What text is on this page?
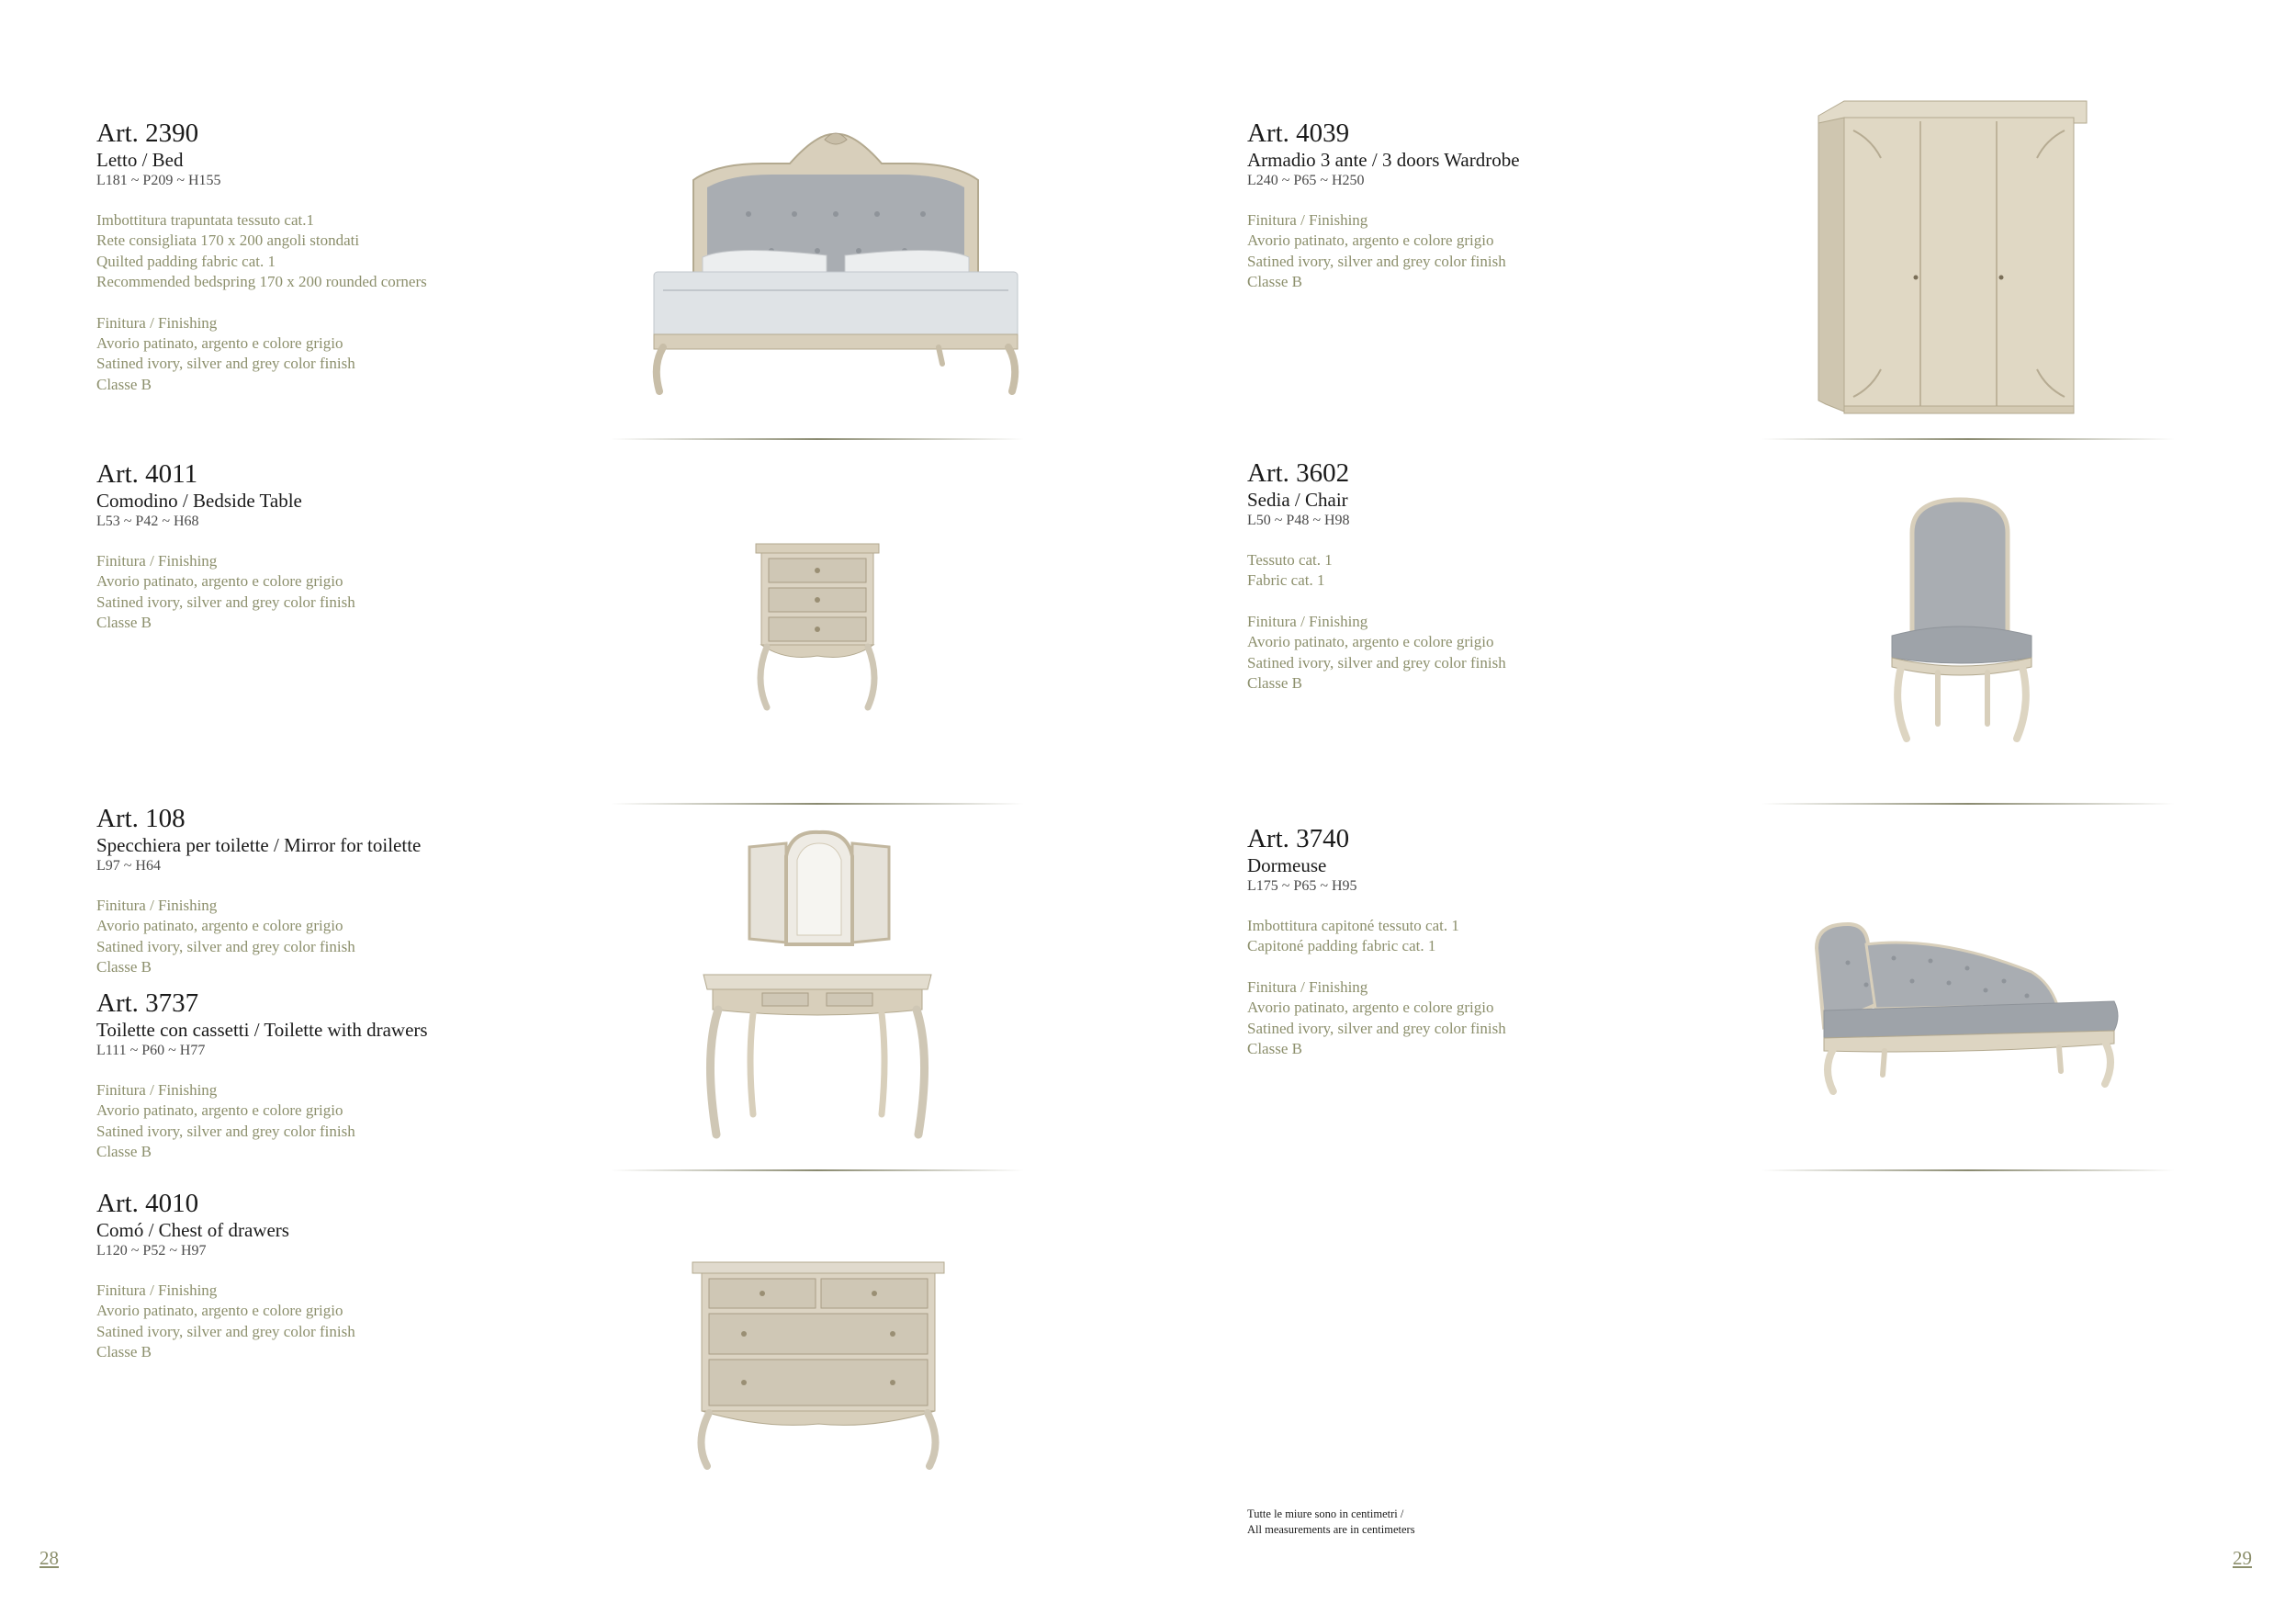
Art. 2390
Letto / Bed
L181 ~ P209 ~ H155
Imbottitura trapuntata tessuto cat.1
Rete consigliata 170 x 200 angoli stondati
Quilted padding fabric cat. 1
Recommended bedspring 170 x 200 rounded corners
Finitura / Finishing
Avorio patinato, argento e colore grigio
Satined ivory, silver and grey color finish
Classe B
Art. 4011
Comodino / Bedside Table
L53 ~ P42 ~ H68
Finitura / Finishing
Avorio patinato, argento e colore grigio
Satined ivory, silver and grey color finish
Classe B
Art. 108
Specchiera per toilette / Mirror for toilette
L97 ~ H64
Finitura / Finishing
Avorio patinato, argento e colore grigio
Satined ivory, silver and grey color finish
Classe B
Art. 3737
Toilette con cassetti / Toilette with drawers
L111 ~ P60 ~ H77
Finitura / Finishing
Avorio patinato, argento e colore grigio
Satined ivory, silver and grey color finish
Classe B
Art. 4010
Comó / Chest of drawers
L120 ~ P52 ~ H97
Finitura / Finishing
Avorio patinato, argento e colore grigio
Satined ivory, silver and grey color finish
Classe B
28
Art. 4039
Armadio 3 ante / 3 doors Wardrobe
L240 ~ P65 ~ H250
Finitura / Finishing
Avorio patinato, argento e colore grigio
Satined ivory, silver and grey color finish
Classe B
Art. 3602
Sedia / Chair
L50 ~ P48 ~ H98
Tessuto cat. 1
Fabric cat. 1
Finitura / Finishing
Avorio patinato, argento e colore grigio
Satined ivory, silver and grey color finish
Classe B
Art. 3740
Dormeuse
L175 ~ P65 ~ H95
Imbottitura capitoné tessuto cat. 1
Capitoné padding fabric cat. 1
Finitura / Finishing
Avorio patinato, argento e colore grigio
Satined ivory, silver and grey color finish
Classe B
Tutte le miure sono in centimetri /
All measurements are in centimeters
29
